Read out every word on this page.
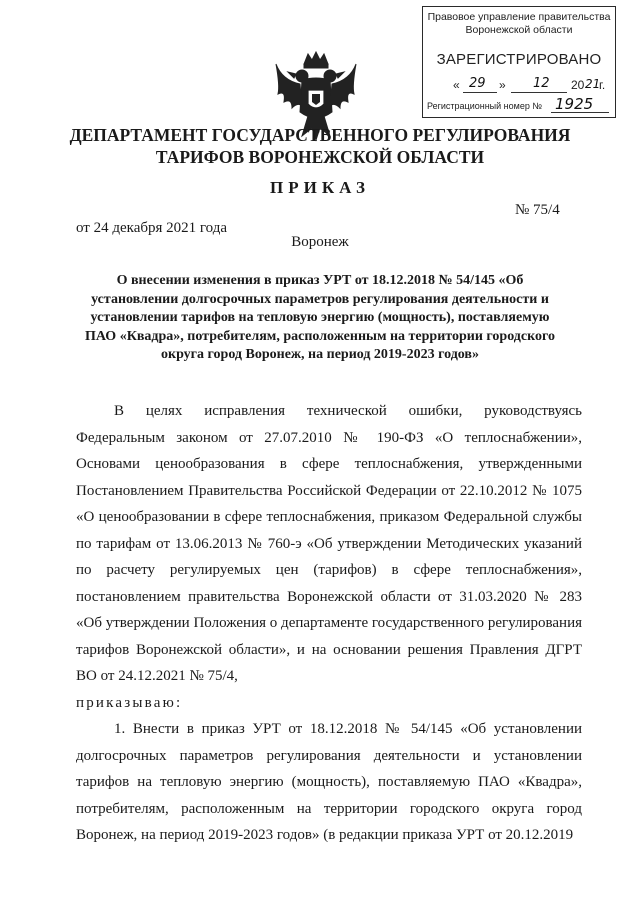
Правовое управление правительства
Воронежской области
ЗАРЕГИСТРИРОВАНО
« 29 » 12 20 21
г.
Регистрационный номер № 1925
ДЕПАРТАМЕНТ ГОСУДАРСТВЕННОГО РЕГУЛИРОВАНИЯ ТАРИФОВ ВОРОНЕЖСКОЙ ОБЛАСТИ
ПРИКАЗ
№ 75/4
от 24 декабря 2021 года
Воронеж
О внесении изменения в приказ УРТ от 18.12.2018 № 54/145 «Об установлении долгосрочных параметров регулирования деятельности и установлении тарифов на тепловую энергию (мощность), поставляемую ПАО «Квадра», потребителям, расположенным на территории городского округа город Воронеж, на период 2019-2023 годов»

В целях исправления технической ошибки, руководствуясь Федеральным законом от 27.07.2010 № 190-ФЗ «О теплоснабжении», Основами ценообразования в сфере теплоснабжения, утвержденными Постановлением Правительства Российской Федерации от 22.10.2012 № 1075 «О ценообразовании в сфере теплоснабжения, приказом Федеральной службы по тарифам от 13.06.2013 № 760-э «Об утверждении Методических указаний по расчету регулируемых цен (тарифов) в сфере теплоснабжения», постановлением правительства Воронежской области от 31.03.2020 № 283 «Об утверждении Положения о департаменте государственного регулирования тарифов Воронежской области», и на основании решения Правления ДГРТ ВО от 24.12.2021 № 75/4,

приказываю:

1. Внести в приказ УРТ от 18.12.2018 № 54/145 «Об установлении долгосрочных параметров регулирования деятельности и установлении тарифов на тепловую энергию (мощность), поставляемую ПАО «Квадра», потребителям, расположенным на территории городского округа город Воронеж, на период 2019-2023 годов» (в редакции приказа УРТ от 20.12.2019
